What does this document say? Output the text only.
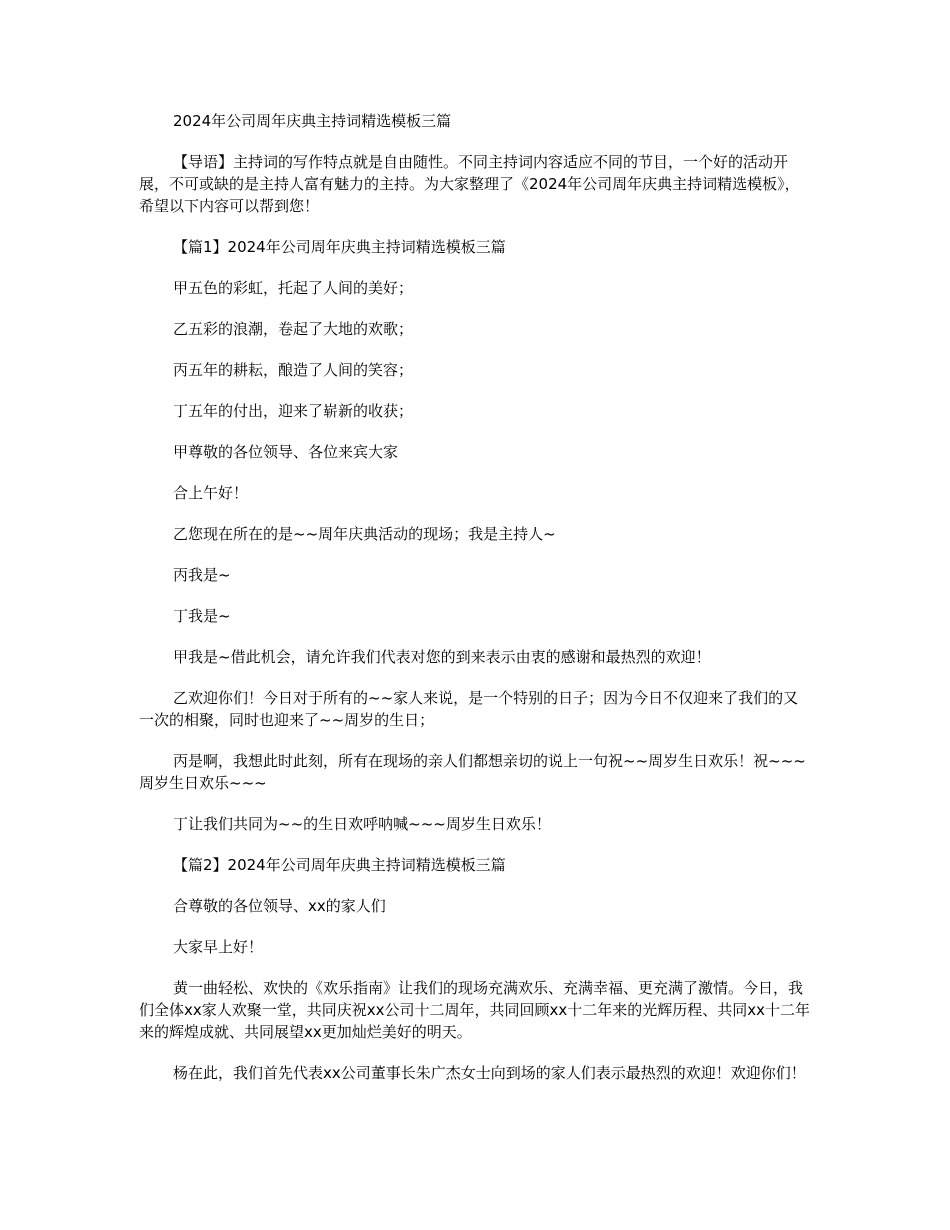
2024年公司周年庆典主持词精选模板三篇

【导语】主持词的写作特点就是自由随性。不同主持词内容适应不同的节目，一个好的活动开展，不可或缺的是主持人富有魅力的主持。为大家整理了《2024年公司周年庆典主持词精选模板》，希望以下内容可以帮到您！

【篇1】2024年公司周年庆典主持词精选模板三篇

甲五色的彩虹，托起了人间的美好；

乙五彩的浪潮，卷起了大地的欢歌；

丙五年的耕耘，酿造了人间的笑容；

丁五年的付出，迎来了崭新的收获；

甲尊敬的各位领导、各位来宾大家

合上午好！

乙您现在所在的是~~周年庆典活动的现场；我是主持人~

丙我是~

丁我是~

甲我是~借此机会，请允许我们代表对您的到来表示由衷的感谢和最热烈的欢迎！

乙欢迎你们！今日对于所有的~~家人来说，是一个特别的日子；因为今日不仅迎来了我们的又一次的相聚，同时也迎来了~~周岁的生日；

丙是啊，我想此时此刻，所有在现场的亲人们都想亲切的说上一句祝~~周岁生日欢乐！祝~~~周岁生日欢乐~~~

丁让我们共同为~~的生日欢呼呐喊~~~周岁生日欢乐！

【篇2】2024年公司周年庆典主持词精选模板三篇

合尊敬的各位领导、xx的家人们

大家早上好！

黄一曲轻松、欢快的《欢乐指南》让我们的现场充满欢乐、充满幸福、更充满了激情。今日，我们全体xx家人欢聚一堂，共同庆祝xx公司十二周年，共同回顾xx十二年来的光辉历程、共同xx十二年来的辉煌成就、共同展望xx更加灿烂美好的明天。

杨在此，我们首先代表xx公司董事长朱广杰女士向到场的家人们表示最热烈的欢迎！欢迎你们！
